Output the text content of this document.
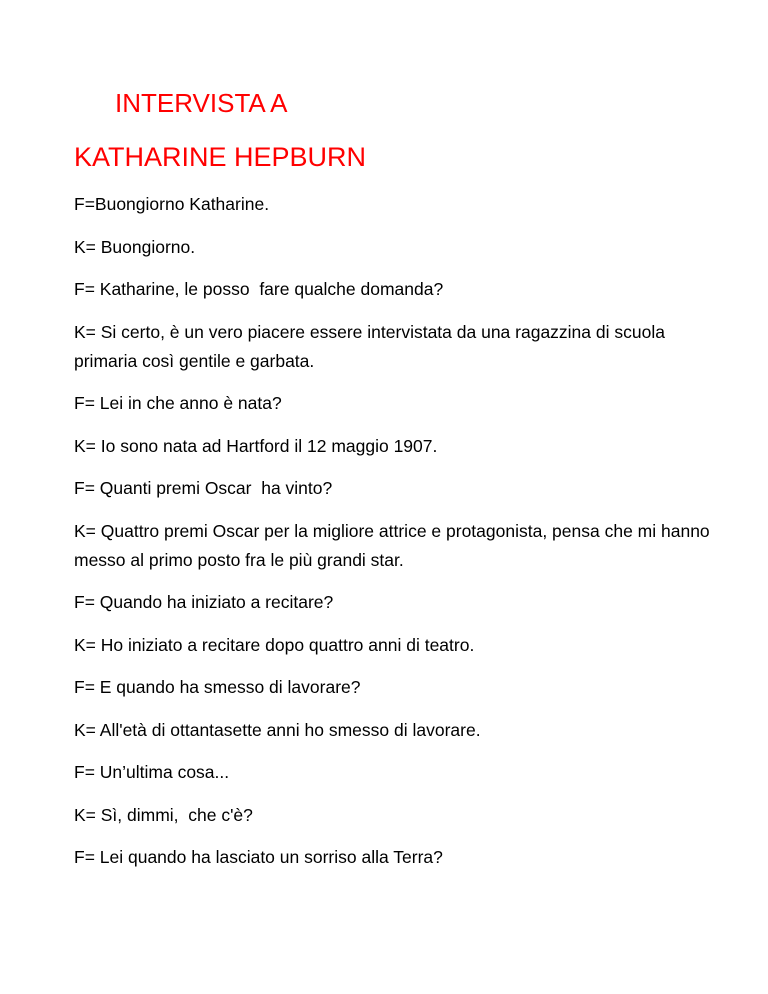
INTERVISTA A
KATHARINE HEPBURN

F=Buongiorno Katharine.

K= Buongiorno.

F= Katharine, le posso  fare qualche domanda?

K= Si certo, è un vero piacere essere intervistata da una ragazzina di scuola primaria così gentile e garbata.

F= Lei in che anno è nata?

K= Io sono nata ad Hartford il 12 maggio 1907.

F= Quanti premi Oscar  ha vinto?

K= Quattro premi Oscar per la migliore attrice e protagonista, pensa che mi hanno messo al primo posto fra le più grandi star.

F= Quando ha iniziato a recitare?

K= Ho iniziato a recitare dopo quattro anni di teatro.

F= E quando ha smesso di lavorare?

K= All'età di ottantasette anni ho smesso di lavorare.

F= Un’ultima cosa...

K= Sì, dimmi,  che c'è?

F= Lei quando ha lasciato un sorriso alla Terra?
